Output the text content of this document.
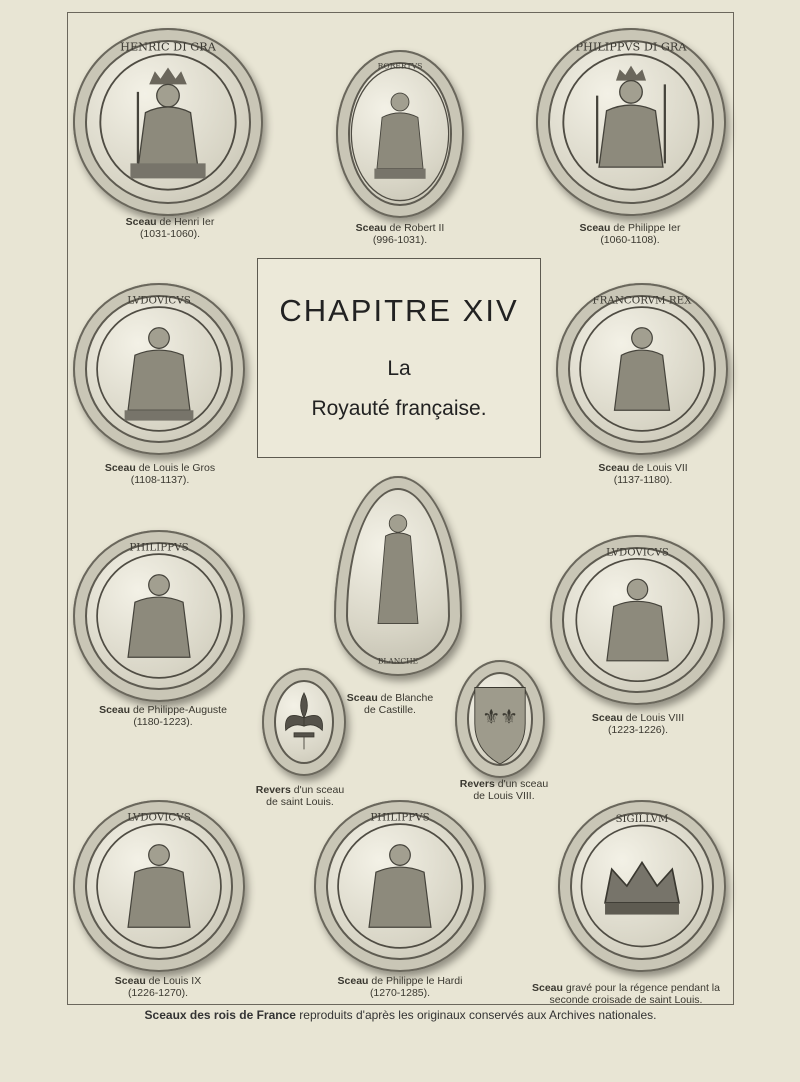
HENRIC DI GRA
Sceau de Henri Ier
(1031-1060).
ROBERTVS
Sceau de Robert II
(996-1031).
PHILIPPVS DI GRA
Sceau de Philippe Ier
(1060-1108).
CHAPITRE XIV
La
Royauté française.
LVDOVICVS
Sceau de Louis le Gros
(1108-1137).
FRANCORVM REX
Sceau de Louis VII
(1137-1180).
PHILIPPVS
Sceau de Philippe-Auguste
(1180-1223).
BLANCHE
Sceau de Blanche
de Castille.
LVDOVICVS
Sceau de Louis VIII
(1223-1226).
Revers d'un sceau
de saint Louis.
⚜⚜
Revers d'un sceau
de Louis VIII.
LVDOVICVS
Sceau de Louis IX
(1226-1270).
PHILIPPVS
Sceau de Philippe le Hardi
(1270-1285).
SIGILLVM
Sceau gravé pour la régence pendant la
seconde croisade de saint Louis.
Sceaux des rois de France reproduits d'après les originaux conservés aux Archives nationales.
